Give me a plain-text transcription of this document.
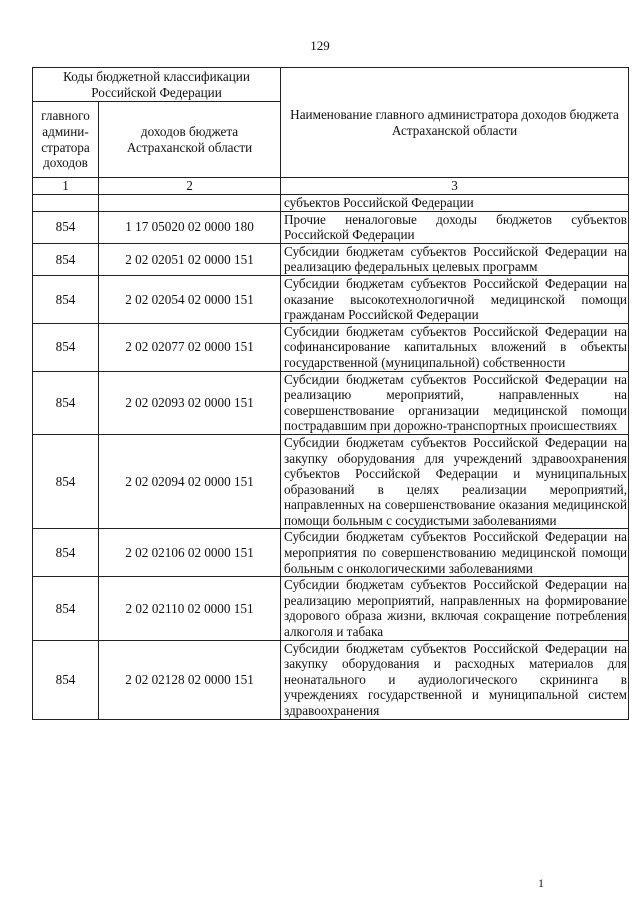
129
Коды бюджетной классификации Российской Федерации		Наименование главного администратора доходов бюджета Астраханской области
главного админи-стратора доходов	доходов бюджета Астраханской области	
1	2	3
		субъектов Российской Федерации
854	1 17 05020 02 0000 180	Прочие неналоговые доходы бюджетов субъектов Российской Федерации
854	2 02 02051 02 0000 151	Субсидии бюджетам субъектов Российской Федерации на реализацию федеральных целевых программ
854	2 02 02054 02 0000 151	Субсидии бюджетам субъектов Российской Федерации на оказание высокотехнологичной медицинской помощи гражданам Российской Федерации
854	2 02 02077 02 0000 151	Субсидии бюджетам субъектов Российской Федерации на софинансирование капитальных вложений в объекты государственной (муниципальной) собственности
854	2 02 02093 02 0000 151	Субсидии бюджетам субъектов Российской Федерации на реализацию мероприятий, направленных на совершенствование организации медицинской помощи пострадавшим при дорожно-транспортных происшествиях
854	2 02 02094 02 0000 151	Субсидии бюджетам субъектов Российской Федерации на закупку оборудования для учреждений здравоохранения субъектов Российской Федерации и муниципальных образований в целях реализации мероприятий, направленных на совершенствование оказания медицинской помощи больным с сосудистыми заболеваниями
854	2 02 02106 02 0000 151	Субсидии бюджетам субъектов Российской Федерации на мероприятия по совершенствованию медицинской помощи больным с онкологическими заболеваниями
854	2 02 02110 02 0000 151	Субсидии бюджетам субъектов Российской Федерации на реализацию мероприятий, направленных на формирование здорового образа жизни, включая сокращение потребления алкоголя и табака
854	2 02 02128 02 0000 151	Субсидии бюджетам субъектов Российской Федерации на закупку оборудования и расходных материалов для неонатального и аудиологического скрининга в учреждениях государственной и муниципальной систем здравоохранения
1
